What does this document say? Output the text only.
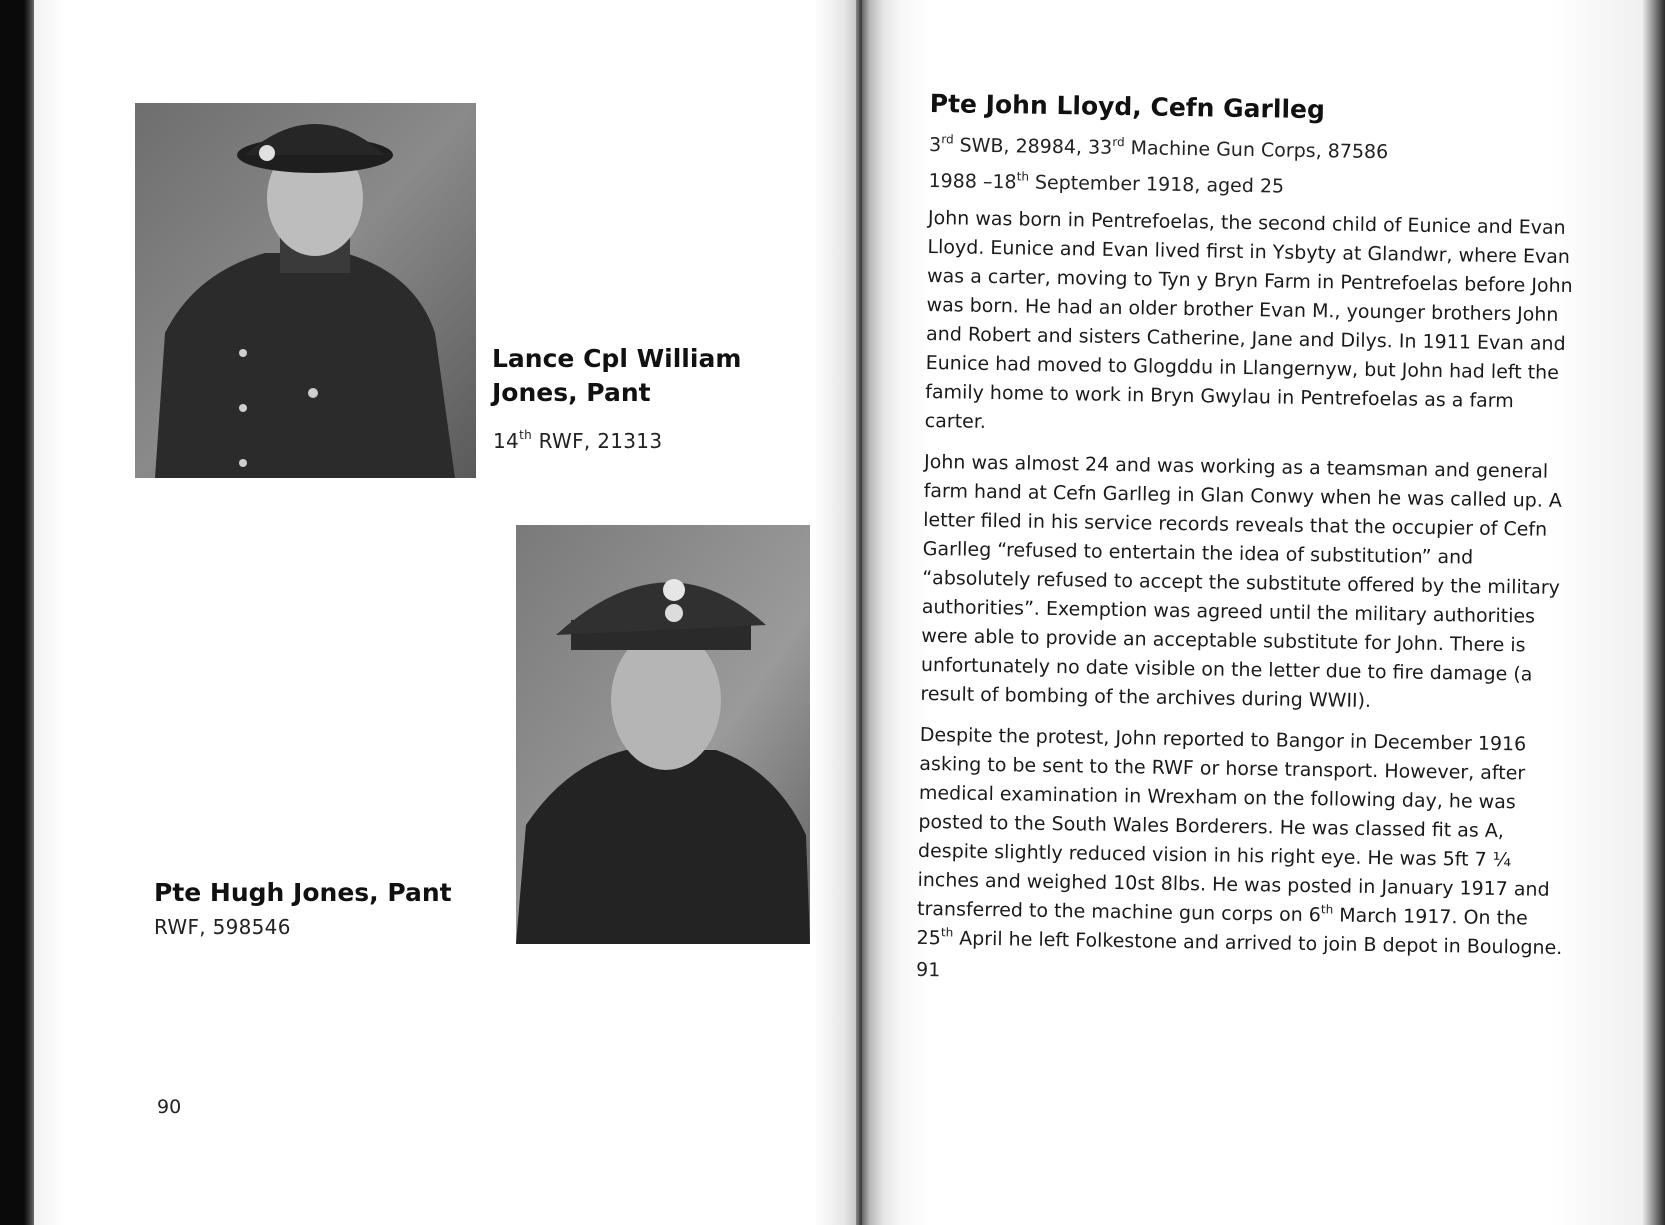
Lance Cpl William
Jones, Pant
14th RWF, 21313
Pte Hugh Jones, Pant
RWF, 598546
90
Pte John Lloyd, Cefn Garlleg
3rd SWB, 28984, 33rd Machine Gun Corps, 87586
1988 –18th September 1918, aged 25

John was born in Pentrefoelas, the second child of Eunice and Evan Lloyd. Eunice and Evan lived first in Ysbyty at Glandwr, where Evan was a carter, moving to Tyn y Bryn Farm in Pentrefoelas before John was born. He had an older brother Evan M., younger brothers John and Robert and sisters Catherine, Jane and Dilys. In 1911 Evan and Eunice had moved to Glogddu in Llangernyw, but John had left the family home to work in Bryn Gwylau in Pentrefoelas as a farm carter.

John was almost 24 and was working as a teamsman and general farm hand at Cefn Garlleg in Glan Conwy when he was called up. A letter filed in his service records reveals that the occupier of Cefn Garlleg “refused to entertain the idea of substitution” and “absolutely refused to accept the substitute offered by the military authorities”. Exemption was agreed until the military authorities were able to provide an acceptable substitute for John. There is unfortunately no date visible on the letter due to fire damage (a result of bombing of the archives during WWII).

Despite the protest, John reported to Bangor in December 1916 asking to be sent to the RWF or horse transport. However, after medical examination in Wrexham on the following day, he was posted to the South Wales Borderers. He was classed fit as A, despite slightly reduced vision in his right eye. He was 5ft 7 ¼ inches and weighed 10st 8lbs. He was posted in January 1917 and transferred to the machine gun corps on 6th March 1917. On the 25th April he left Folkestone and arrived to join B depot in Boulogne.

91
